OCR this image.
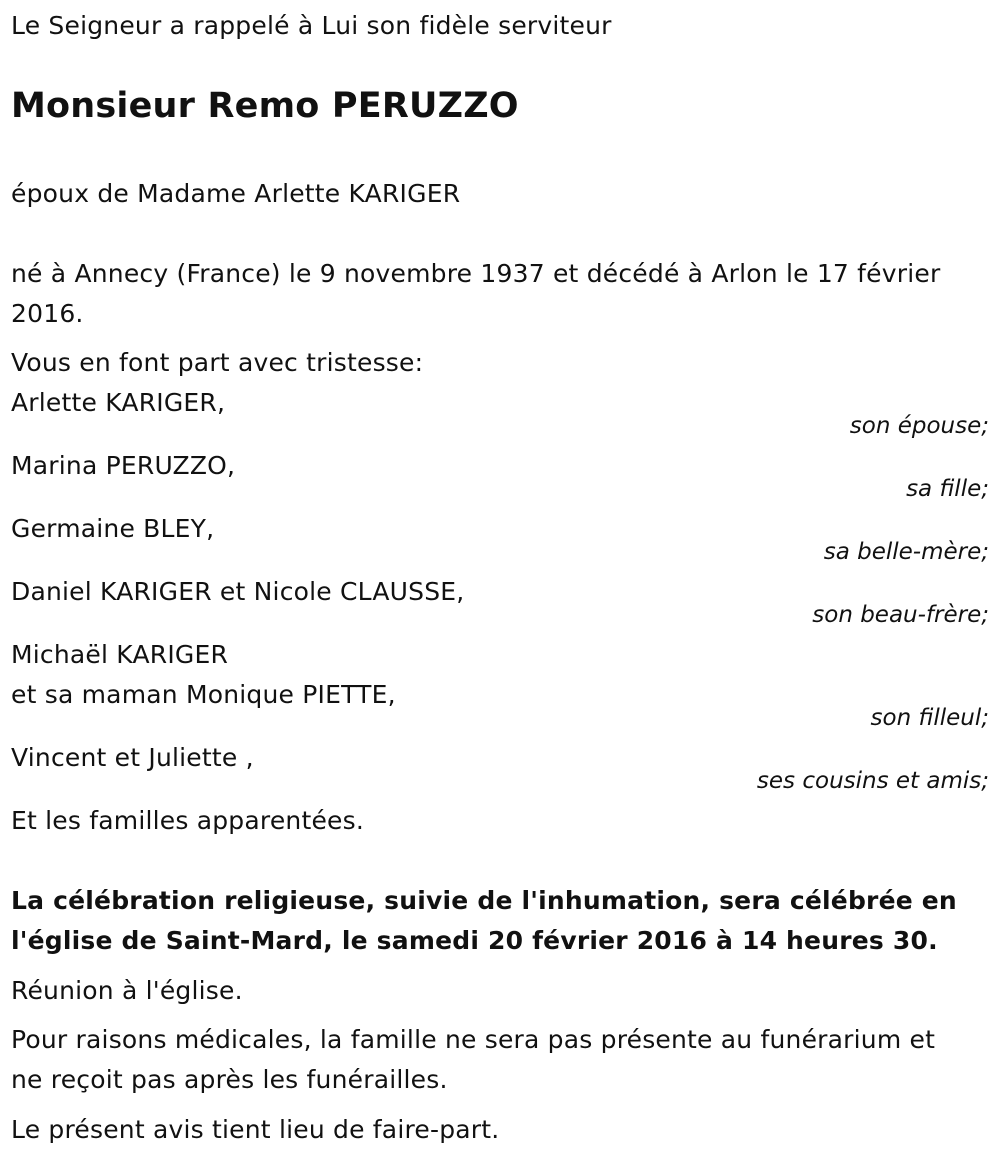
Le Seigneur a rappelé à Lui son fidèle serviteur
Monsieur Remo PERUZZO
époux de Madame Arlette KARIGER
né à Annecy (France) le 9 novembre 1937 et décédé à Arlon le 17 février
2016.
Vous en font part avec tristesse:
Arlette KARIGER,
son épouse;
Marina PERUZZO,
sa fille;
Germaine BLEY,
sa belle-mère;
Daniel KARIGER et Nicole CLAUSSE,
son beau-frère;
Michaël KARIGER
et sa maman Monique PIETTE,
son filleul;
Vincent et Juliette ,
ses cousins et amis;
Et les familles apparentées.
La célébration religieuse, suivie de l'inhumation, sera célébrée en
l'église de Saint-Mard, le samedi 20 février 2016 à 14 heures 30.
Réunion à l'église.
Pour raisons médicales, la famille ne sera pas présente au funérarium et
ne reçoit pas après les funérailles.
Le présent avis tient lieu de faire-part.
